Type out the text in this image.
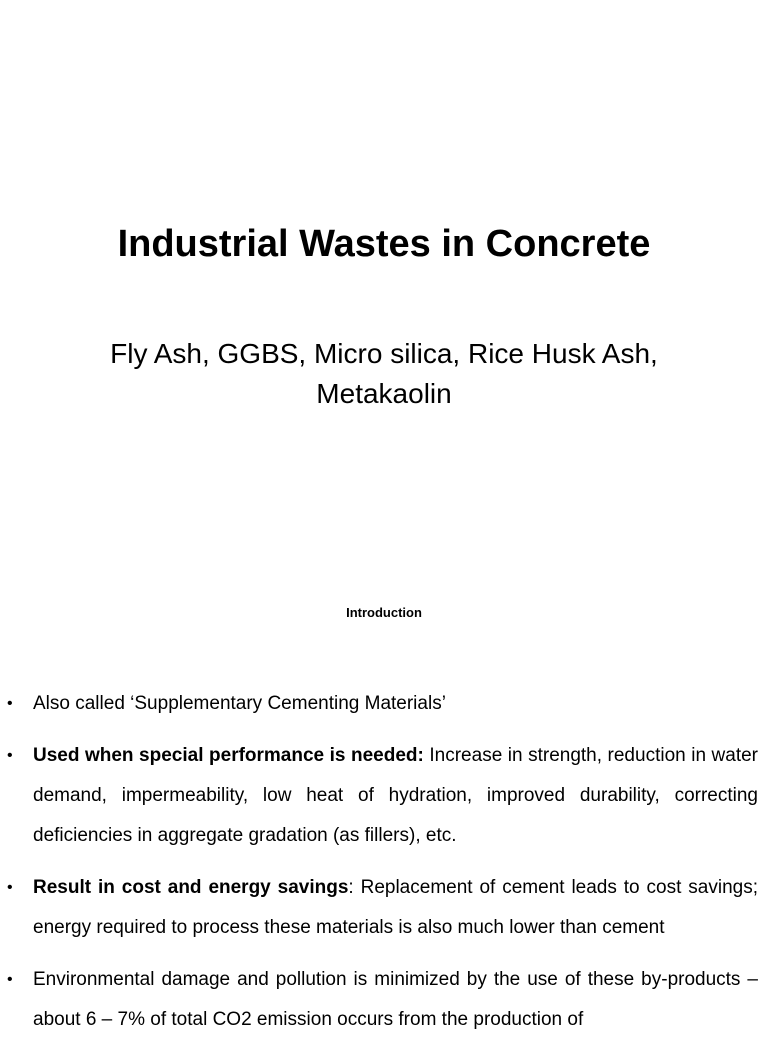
Industrial Wastes in Concrete

Fly Ash, GGBS, Micro silica, Rice Husk Ash, Metakaolin

Introduction
• Also called ‘Supplementary Cementing Materials’
• Used when special performance is needed: Increase in strength, reduction in water demand, impermeability, low heat of hydration, improved durability, correcting deficiencies in aggregate gradation (as fillers), etc.
• Result in cost and energy savings: Replacement of cement leads to cost savings; energy required to process these materials is also much lower than cement
• Environmental damage and pollution is minimized by the use of these by-products – about 6 – 7% of total CO2 emission occurs from the production of
